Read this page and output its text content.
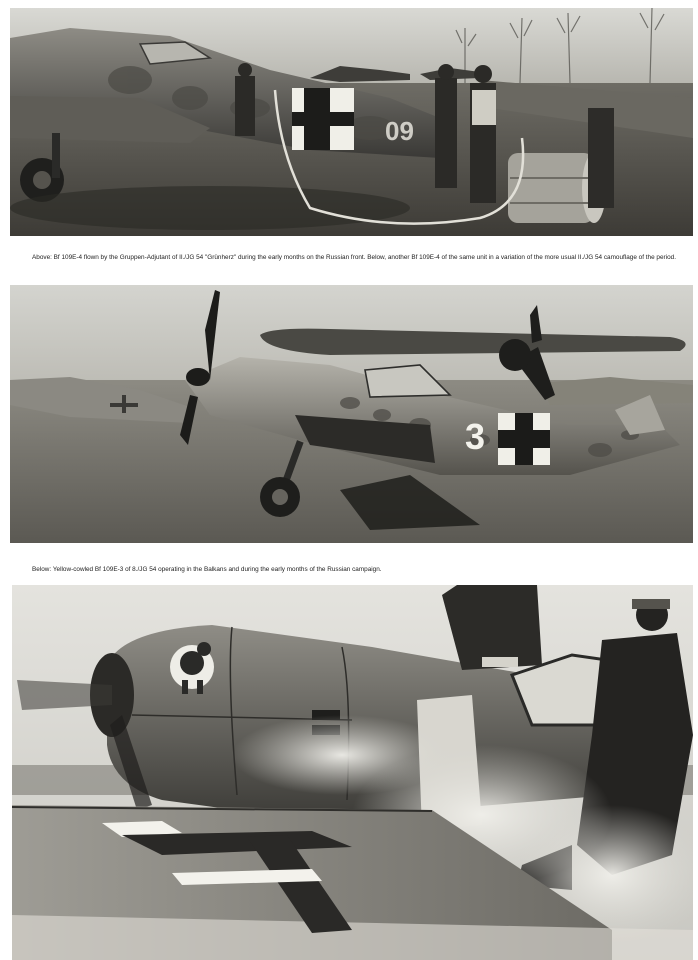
09

Above: Bf 109E-4 flown by the Gruppen-Adjutant of II./JG 54 "Grünherz" during the early months on the Russian front. Below, another Bf 109E-4 of the same unit in a variation of the more usual II./JG 54 camouflage of the period.

3

Below: Yellow-cowled Bf 109E-3 of 8./JG 54 operating in the Balkans and during the early months of the Russian campaign.
